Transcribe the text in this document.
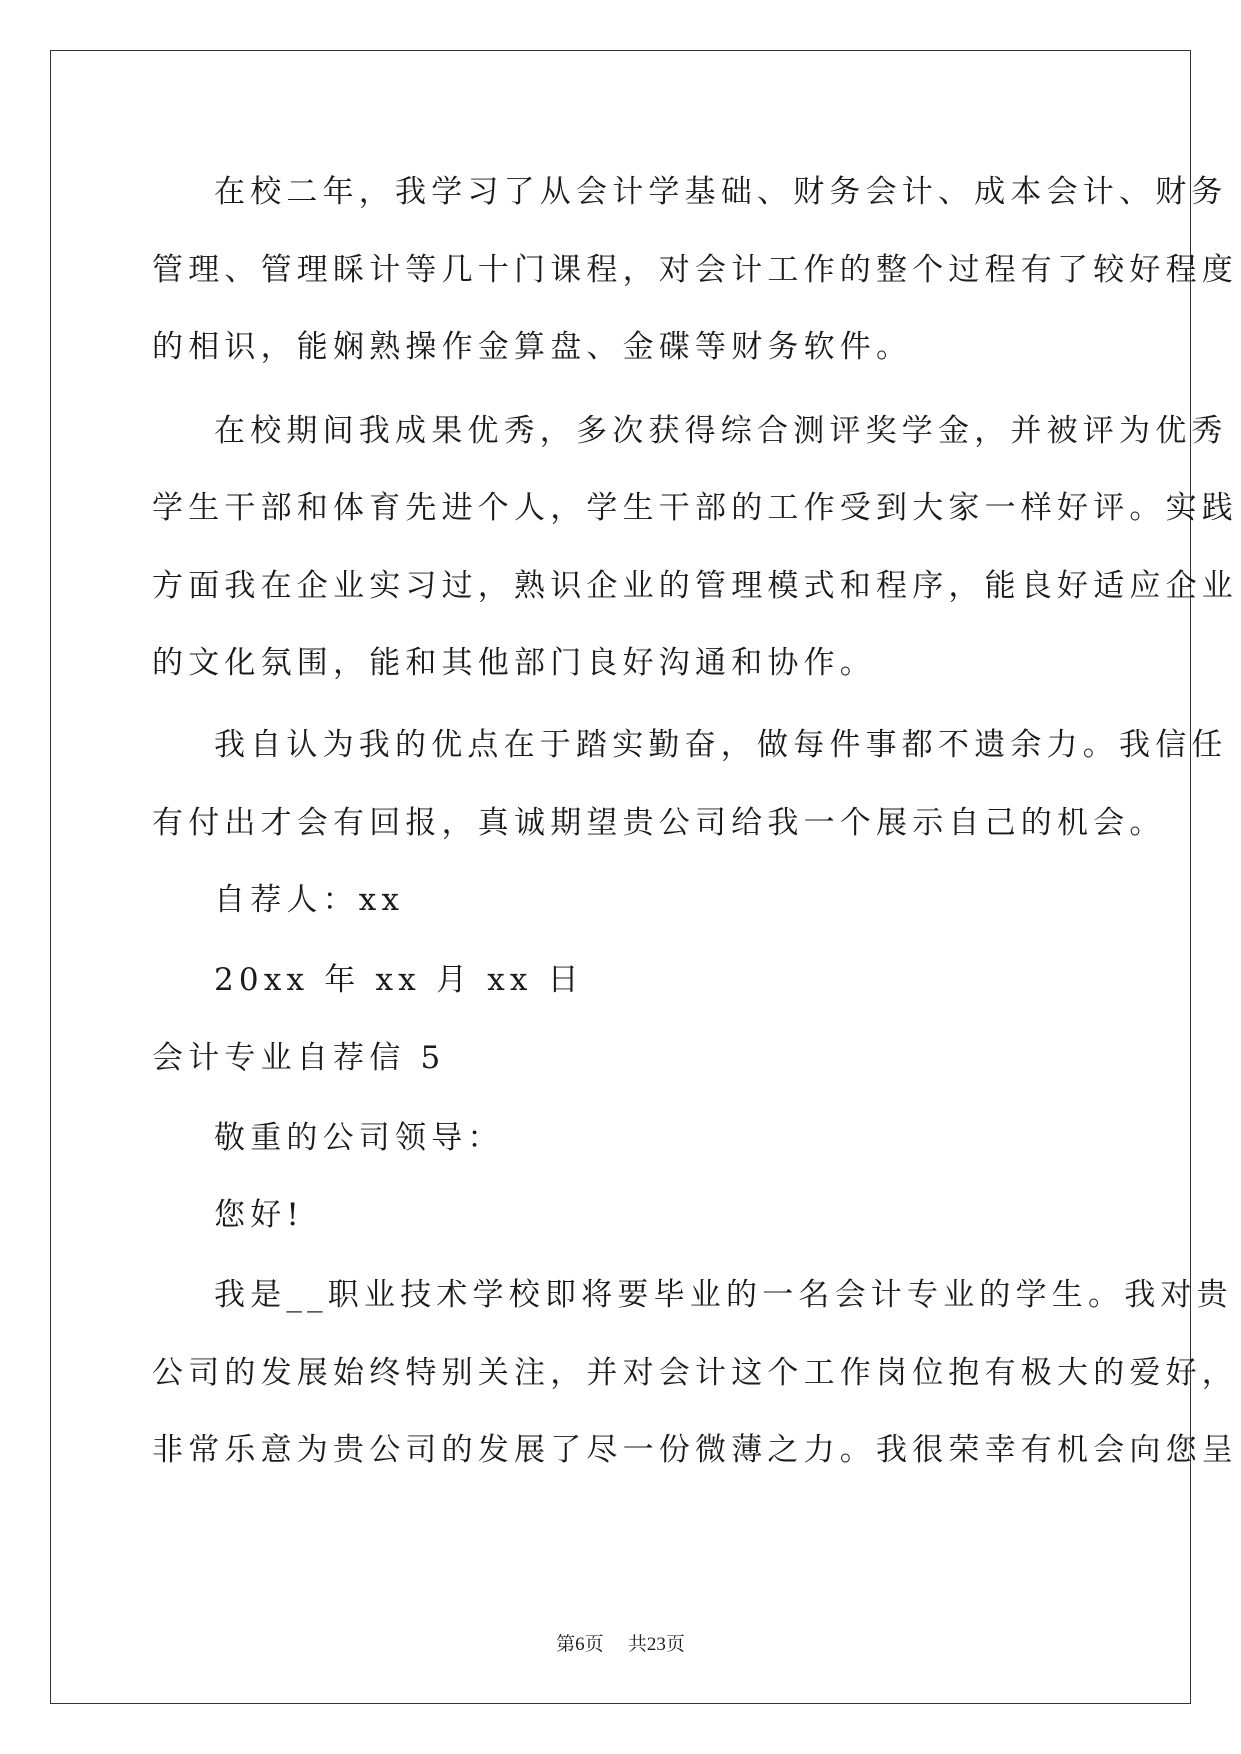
在校二年，我学习了从会计学基础、财务会计、成本会计、财务
管理、管理睬计等几十门课程，对会计工作的整个过程有了较好程度
的相识，能娴熟操作金算盘、金碟等财务软件。
在校期间我成果优秀，多次获得综合测评奖学金，并被评为优秀
学生干部和体育先进个人，学生干部的工作受到大家一样好评。实践
方面我在企业实习过，熟识企业的管理模式和程序，能良好适应企业
的文化氛围，能和其他部门良好沟通和协作。
我自认为我的优点在于踏实勤奋，做每件事都不遗余力。我信任
有付出才会有回报，真诚期望贵公司给我一个展示自己的机会。
自荐人：xx
20xx 年 xx 月 xx 日
会计专业自荐信 5
敬重的公司领导：
您好!
我是__职业技术学校即将要毕业的一名会计专业的学生。我对贵
公司的发展始终特别关注，并对会计这个工作岗位抱有极大的爱好，
非常乐意为贵公司的发展了尽一份微薄之力。我很荣幸有机会向您呈
第6页 共23页
